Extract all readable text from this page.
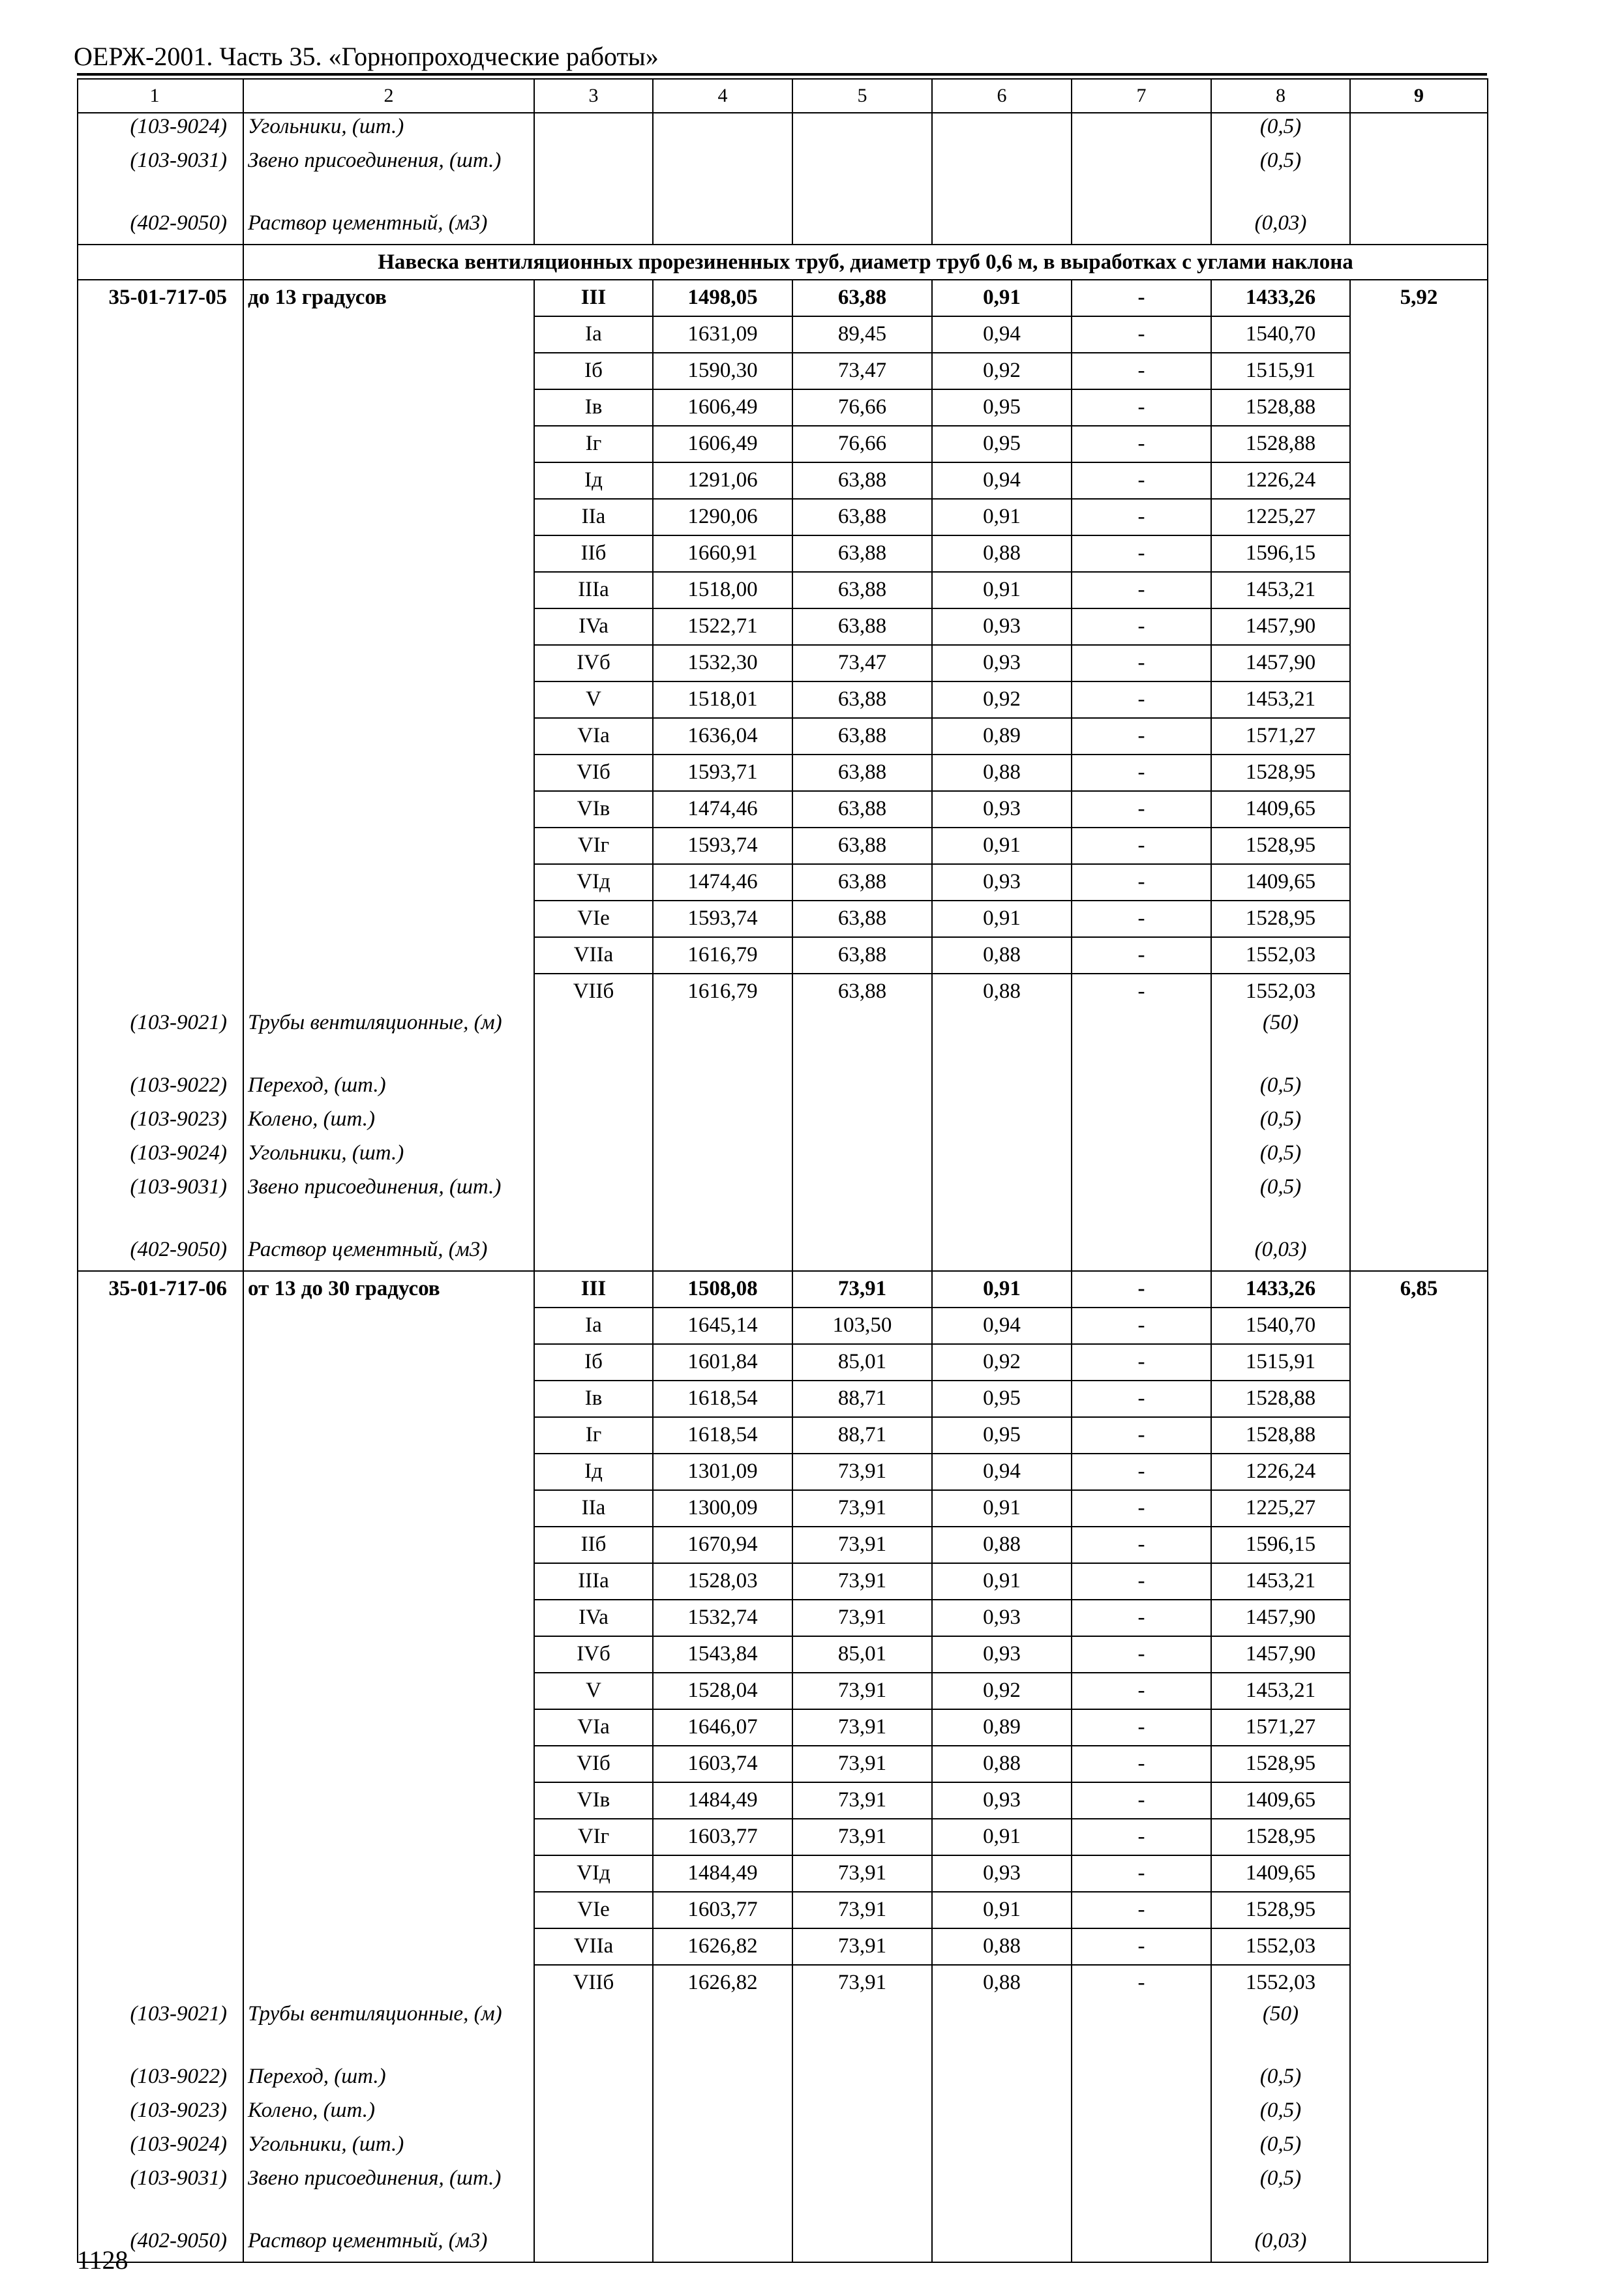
ОЕРЖ-2001. Часть 35. «Горнопроходческие работы»
1	2	3	4	5	6	7	8	9
(103-9024)	Угольники, (шт.)						(0,5)	
(103-9031)	Звено присоединения, (шт.)						(0,5)	
(402-9050)	Раствор цементный, (м3)						(0,03)	
	Навеска вентиляционных прорезиненных труб, диаметр труб 0,6 м, в выработках с углами наклона							
35-01-717-05	до 13 градусов	III	1498,05	63,88	0,91	-	1433,26	5,92
		Ia	1631,09	89,45	0,94	-	1540,70	
		Iб	1590,30	73,47	0,92	-	1515,91	
		Iв	1606,49	76,66	0,95	-	1528,88	
		Iг	1606,49	76,66	0,95	-	1528,88	
		Iд	1291,06	63,88	0,94	-	1226,24	
		IIa	1290,06	63,88	0,91	-	1225,27	
		IIб	1660,91	63,88	0,88	-	1596,15	
		IIIa	1518,00	63,88	0,91	-	1453,21	
		IVa	1522,71	63,88	0,93	-	1457,90	
		IVб	1532,30	73,47	0,93	-	1457,90	
		V	1518,01	63,88	0,92	-	1453,21	
		VIa	1636,04	63,88	0,89	-	1571,27	
		VIб	1593,71	63,88	0,88	-	1528,95	
		VIв	1474,46	63,88	0,93	-	1409,65	
		VIг	1593,74	63,88	0,91	-	1528,95	
		VIд	1474,46	63,88	0,93	-	1409,65	
		VIe	1593,74	63,88	0,91	-	1528,95	
		VIIa	1616,79	63,88	0,88	-	1552,03	
		VIIб	1616,79	63,88	0,88	-	1552,03	
(103-9021)	Трубы вентиляционные, (м)						(50)	
(103-9022)	Переход, (шт.)						(0,5)	
(103-9023)	Колено, (шт.)						(0,5)	
(103-9024)	Угольники, (шт.)						(0,5)	
(103-9031)	Звено присоединения, (шт.)						(0,5)	
(402-9050)	Раствор цементный, (м3)						(0,03)	
35-01-717-06	от 13 до 30 градусов	III	1508,08	73,91	0,91	-	1433,26	6,85
		Ia	1645,14	103,50	0,94	-	1540,70	
		Iб	1601,84	85,01	0,92	-	1515,91	
		Iв	1618,54	88,71	0,95	-	1528,88	
		Iг	1618,54	88,71	0,95	-	1528,88	
		Iд	1301,09	73,91	0,94	-	1226,24	
		IIa	1300,09	73,91	0,91	-	1225,27	
		IIб	1670,94	73,91	0,88	-	1596,15	
		IIIa	1528,03	73,91	0,91	-	1453,21	
		IVa	1532,74	73,91	0,93	-	1457,90	
		IVб	1543,84	85,01	0,93	-	1457,90	
		V	1528,04	73,91	0,92	-	1453,21	
		VIa	1646,07	73,91	0,89	-	1571,27	
		VIб	1603,74	73,91	0,88	-	1528,95	
		VIв	1484,49	73,91	0,93	-	1409,65	
		VIг	1603,77	73,91	0,91	-	1528,95	
		VIд	1484,49	73,91	0,93	-	1409,65	
		VIe	1603,77	73,91	0,91	-	1528,95	
		VIIa	1626,82	73,91	0,88	-	1552,03	
		VIIб	1626,82	73,91	0,88	-	1552,03	
(103-9021)	Трубы вентиляционные, (м)						(50)	
(103-9022)	Переход, (шт.)						(0,5)	
(103-9023)	Колено, (шт.)						(0,5)	
(103-9024)	Угольники, (шт.)						(0,5)	
(103-9031)	Звено присоединения, (шт.)						(0,5)	
(402-9050)	Раствор цементный, (м3)						(0,03)	
1128
